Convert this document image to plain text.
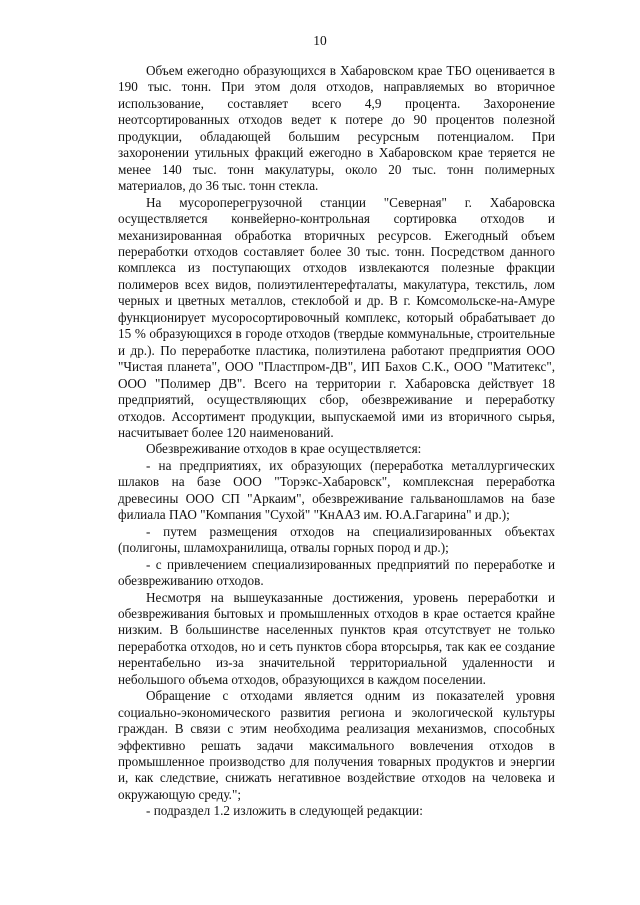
10

Объем ежегодно образующихся в Хабаровском крае ТБО оценивается в 190 тыс. тонн. При этом доля отходов, направляемых во вторичное использование, составляет всего 4,9 процента. Захоронение неотсортированных отходов ведет к потере до 90 процентов полезной продукции, обладающей большим ресурсным потенциалом. При захоронении утильных фракций ежегодно в Хабаровском крае теряется не менее 140 тыс. тонн макулатуры, около 20 тыс. тонн полимерных материалов, до 36 тыс. тонн стекла.

На мусороперегрузочной станции "Северная" г. Хабаровска осуществляется конвейерно-контрольная сортировка отходов и механизированная обработка вторичных ресурсов. Ежегодный объем переработки отходов составляет более 30 тыс. тонн. Посредством данного комплекса из поступающих отходов извлекаются полезные фракции полимеров всех видов, полиэтилентерефталаты, макулатура, текстиль, лом черных и цветных металлов, стеклобой и др. В г. Комсомольске-на-Амуре функционирует мусоросортировочный комплекс, который обрабатывает до 15 % образующихся в городе отходов (твердые коммунальные, строительные и др.). По переработке пластика, полиэтилена работают предприятия ООО "Чистая планета", ООО "Пластпром-ДВ", ИП Бахов С.К., ООО "Матитекс", ООО "Полимер ДВ". Всего на территории г. Хабаровска действует 18 предприятий, осуществляющих сбор, обезвреживание и переработку отходов. Ассортимент продукции, выпускаемой ими из вторичного сырья, насчитывает более 120 наименований.

Обезвреживание отходов в крае осуществляется:

- на предприятиях, их образующих (переработка металлургических шлаков на базе ООО "Торэкс-Хабаровск", комплексная переработка древесины ООО СП "Аркаим", обезвреживание гальваношламов на базе филиала ПАО "Компания "Сухой" "КнААЗ им. Ю.А.Гагарина" и др.);

- путем размещения отходов на специализированных объектах (полигоны, шламохранилища, отвалы горных пород и др.);

- с привлечением специализированных предприятий по переработке и обезвреживанию отходов.

Несмотря на вышеуказанные достижения, уровень переработки и обезвреживания бытовых и промышленных отходов в крае остается крайне низким. В большинстве населенных пунктов края отсутствует не только переработка отходов, но и сеть пунктов сбора вторсырья, так как ее создание нерентабельно из-за значительной территориальной удаленности и небольшого объема отходов, образующихся в каждом поселении.

Обращение с отходами является одним из показателей уровня социально-экономического развития региона и экологической культуры граждан. В связи с этим необходима реализация механизмов, способных эффективно решать задачи максимального вовлечения отходов в промышленное производство для получения товарных продуктов и энергии и, как следствие, снижать негативное воздействие отходов на человека и окружающую среду.";

- подраздел 1.2 изложить в следующей редакции:
